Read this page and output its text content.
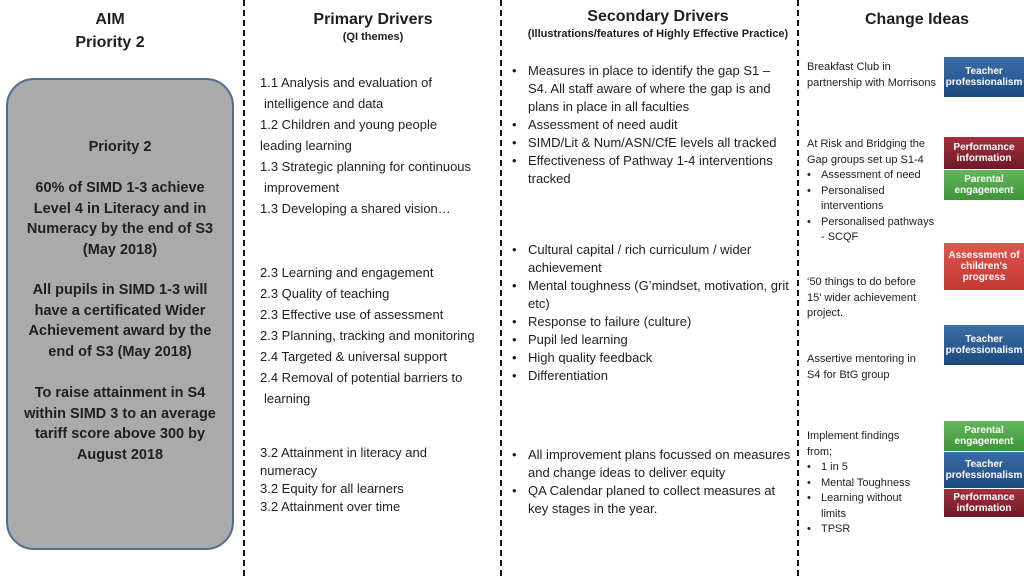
AIM
Priority 2
Primary Drivers
(QI themes)
Secondary Drivers
(Illustrations/features of Highly Effective Practice)
Change Ideas
Priority 2
60% of SIMD 1-3 achieve Level 4 in Literacy and in Numeracy by the end of S3 (May 2018)
All pupils in SIMD 1-3 will have a certificated Wider Achievement award by the end of S3 (May 2018)
To raise attainment in S4 within SIMD 3 to an average tariff score above 300 by August 2018
1.1 Analysis and evaluation of
intelligence and data
1.2 Children and young people
leading learning
1.3 Strategic planning for continuous
improvement
1.3 Developing a shared vision…
2.3 Learning and engagement
2.3 Quality of teaching
2.3 Effective use of assessment
2.3 Planning, tracking and monitoring
2.4 Targeted & universal support
2.4 Removal of potential barriers to
learning
3.2 Attainment in literacy and
numeracy
3.2 Equity for all learners
3.2 Attainment over time
• Measures in place to identify the gap S1 – S4. All staff aware of where the gap is and plans in place in all faculties
• Assessment of need audit
• SIMD/Lit & Num/ASN/CfE levels all tracked
• Effectiveness of Pathway 1-4 interventions tracked
• Cultural capital / rich curriculum / wider achievement
• Mental toughness (G’mindset, motivation, grit etc)
• Response to failure (culture)
• Pupil led learning
• High quality feedback
• Differentiation
• All improvement plans focussed on measures and change ideas to deliver equity
• QA Calendar planed to collect measures at key stages in the year.
Breakfast Club in partnership with Morrisons
At Risk and Bridging the Gap groups set up S1-4
• Assessment of need
• Personalised interventions
• Personalised pathways - SCQF
‘50 things to do before 15’ wider achievement project.
Assertive mentoring in S4 for BtG group
Implement findings from;
• 1 in 5
• Mental Toughness
• Learning without limits
• TPSR
Teacher professionalism
Performance information
Parental engagement
Assessment of children's progress
Teacher professionalism
Parental engagement
Teacher professionalism
Performance information
